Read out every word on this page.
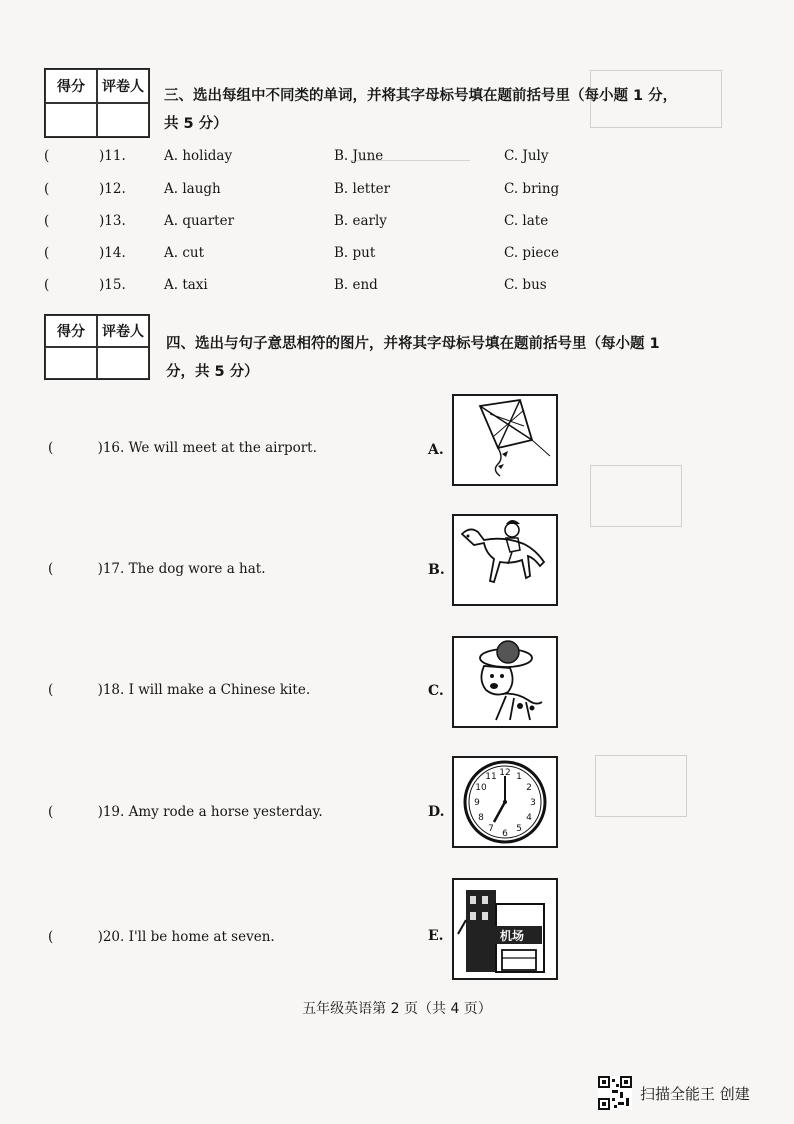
得分	评卷人
三、选出每组中不同类的单词，并将其字母标号填在题前括号里（每小题 1 分，
共 5 分）
(	)11.	A. holiday	B. June	C. July
(	)12.	A. laugh	B. letter	C. bring
(	)13.	A. quarter	B. early	C. late
(	)14.	A. cut	B. put	C. piece
(	)15.	A. taxi	B. end	C. bus
得分	评卷人
四、选出与句子意思相符的图片，并将其字母标号填在题前括号里（每小题 1
分，共 5 分）
(	)16. We will meet at the airport.	A.
(	)17. The dog wore a hat.	B.
(	)18. I will make a Chinese kite.	C.
(	)19. Amy rode a horse yesterday.	D.
12 1
2
3
4
5
6
7
8
9
10
11
(	)20. I'll be home at seven.	E.	机场
五年级英语第 2 页（共 4 页）
扫描全能王 创建
